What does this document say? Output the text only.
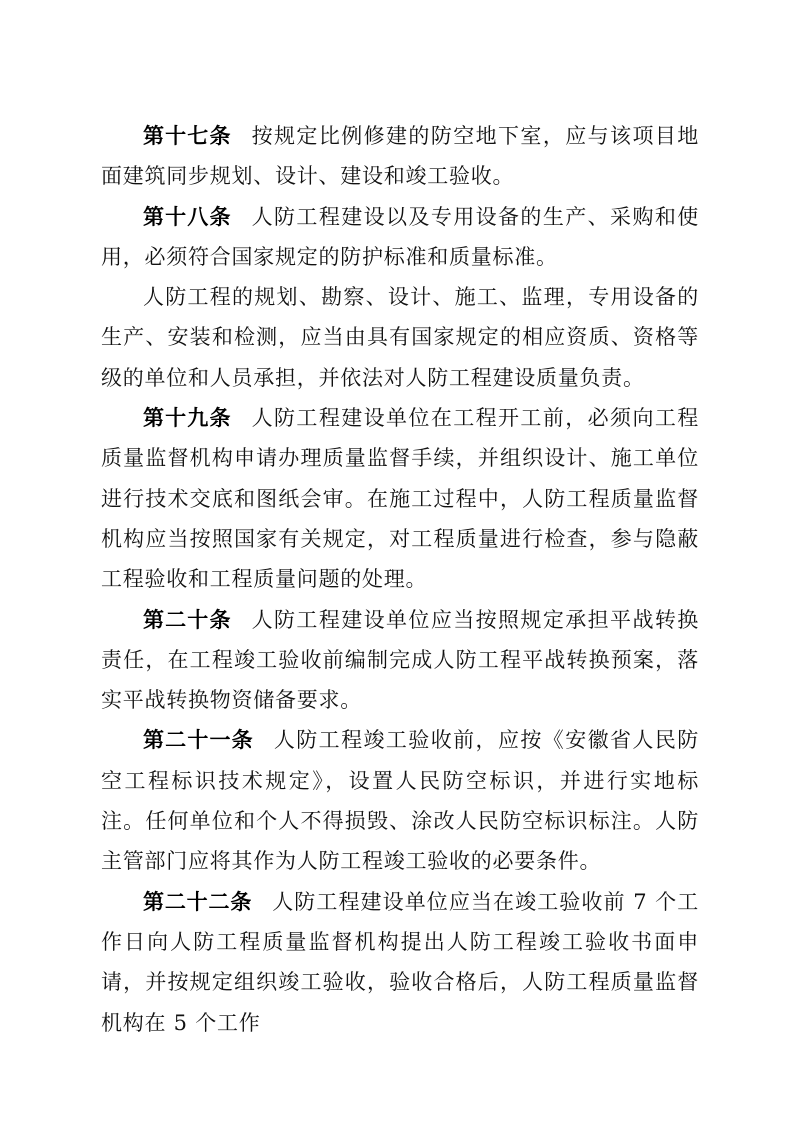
第十七条 按规定比例修建的防空地下室，应与该项目地面建筑同步规划、设计、建设和竣工验收。

第十八条 人防工程建设以及专用设备的生产、采购和使用，必须符合国家规定的防护标准和质量标准。

人防工程的规划、勘察、设计、施工、监理，专用设备的生产、安装和检测，应当由具有国家规定的相应资质、资格等级的单位和人员承担，并依法对人防工程建设质量负责。

第十九条 人防工程建设单位在工程开工前，必须向工程质量监督机构申请办理质量监督手续，并组织设计、施工单位进行技术交底和图纸会审。在施工过程中，人防工程质量监督机构应当按照国家有关规定，对工程质量进行检查，参与隐蔽工程验收和工程质量问题的处理。

第二十条 人防工程建设单位应当按照规定承担平战转换责任，在工程竣工验收前编制完成人防工程平战转换预案，落实平战转换物资储备要求。

第二十一条 人防工程竣工验收前，应按《安徽省人民防空工程标识技术规定》，设置人民防空标识，并进行实地标注。任何单位和个人不得损毁、涂改人民防空标识标注。人防主管部门应将其作为人防工程竣工验收的必要条件。

第二十二条 人防工程建设单位应当在竣工验收前 7 个工作日向人防工程质量监督机构提出人防工程竣工验收书面申请，并按规定组织竣工验收，验收合格后，人防工程质量监督机构在 5 个工作
